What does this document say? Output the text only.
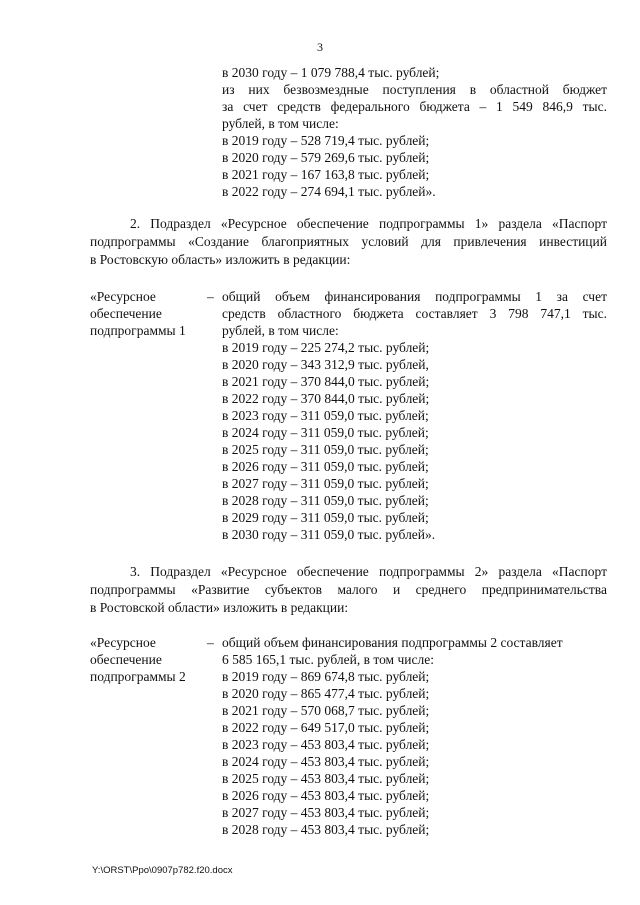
3
в 2030 году – 1 079 788,4 тыс. рублей;
из них безвозмездные поступления в областной бюджет
за счет средств федерального бюджета – 1 549 846,9 тыс.
рублей, в том числе:
в 2019 году – 528 719,4 тыс. рублей;
в 2020 году – 579 269,6 тыс. рублей;
в 2021 году – 167 163,8 тыс. рублей;
в 2022 году – 274 694,1 тыс. рублей».
2. Подраздел «Ресурсное обеспечение подпрограммы 1» раздела «Паспорт
подпрограммы «Создание благоприятных условий для привлечения инвестиций
в Ростовскую область» изложить в редакции:
«Ресурсное
обеспечение
подпрограммы 1
– общий объем финансирования подпрограммы 1 за счет
средств областного бюджета составляет 3 798 747,1 тыс.
рублей, в том числе:
в 2019 году – 225 274,2 тыс. рублей;
в 2020 году – 343 312,9 тыс. рублей,
в 2021 году – 370 844,0 тыс. рублей;
в 2022 году – 370 844,0 тыс. рублей;
в 2023 году – 311 059,0 тыс. рублей;
в 2024 году – 311 059,0 тыс. рублей;
в 2025 году – 311 059,0 тыс. рублей;
в 2026 году – 311 059,0 тыс. рублей;
в 2027 году – 311 059,0 тыс. рублей;
в 2028 году – 311 059,0 тыс. рублей;
в 2029 году – 311 059,0 тыс. рублей;
в 2030 году – 311 059,0 тыс. рублей».
3. Подраздел «Ресурсное обеспечение подпрограммы 2» раздела «Паспорт
подпрограммы «Развитие субъектов малого и среднего предпринимательства
в Ростовской области» изложить в редакции:
«Ресурсное
обеспечение
подпрограммы 2
– общий объем финансирования подпрограммы 2 составляет
6 585 165,1 тыс. рублей, в том числе:
в 2019 году – 869 674,8 тыс. рублей;
в 2020 году – 865 477,4 тыс. рублей;
в 2021 году – 570 068,7 тыс. рублей;
в 2022 году – 649 517,0 тыс. рублей;
в 2023 году – 453 803,4 тыс. рублей;
в 2024 году – 453 803,4 тыс. рублей;
в 2025 году – 453 803,4 тыс. рублей;
в 2026 году – 453 803,4 тыс. рублей;
в 2027 году – 453 803,4 тыс. рублей;
в 2028 году – 453 803,4 тыс. рублей;
Y:\ORST\Ppo\0907p782.f20.docx
